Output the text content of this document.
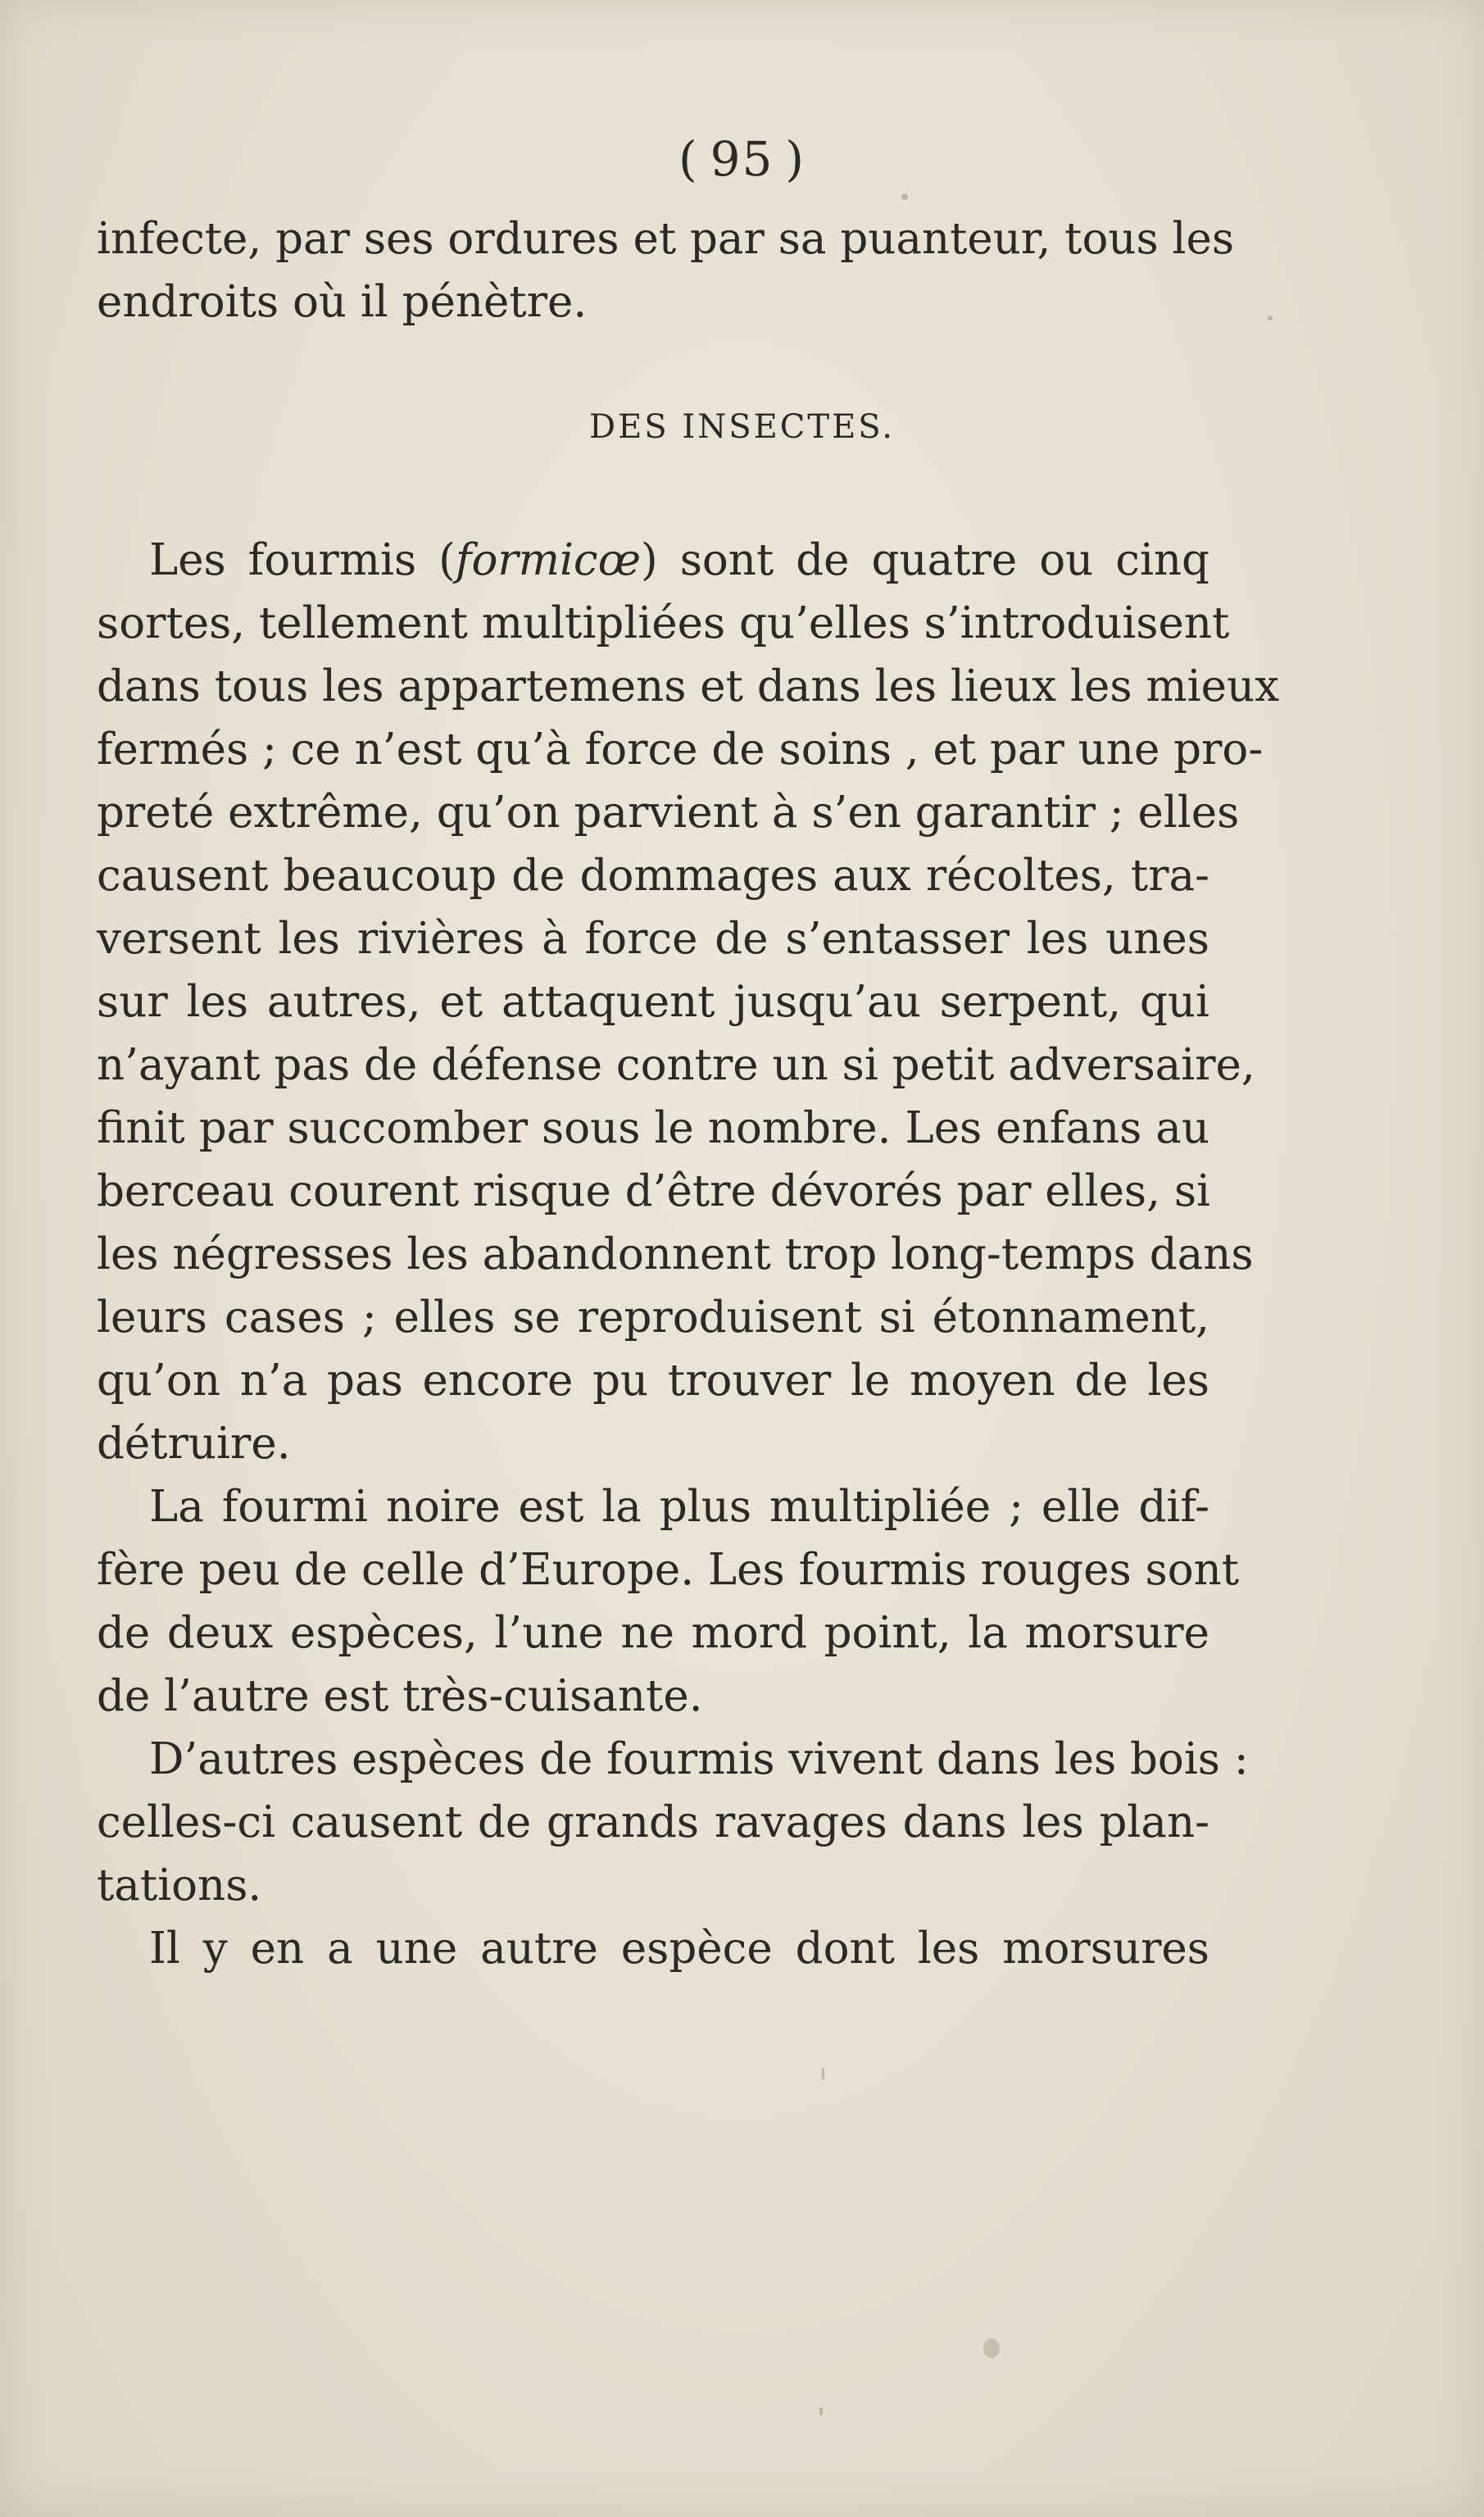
( 95 )
infecte, par ses ordures et par sa puanteur, tous les
endroits où il pénètre.
DES INSECTES.
Les fourmis (formicœ) sont de quatre ou cinq
sortes, tellement multipliées qu’elles s’introduisent
dans tous les appartemens et dans les lieux les mieux
fermés ; ce n’est qu’à force de soins , et par une pro-
preté extrême, qu’on parvient à s’en garantir ; elles
causent beaucoup de dommages aux récoltes, tra-
versent les rivières à force de s’entasser les unes
sur les autres, et attaquent jusqu’au serpent, qui
n’ayant pas de défense contre un si petit adversaire,
finit par succomber sous le nombre. Les enfans au
berceau courent risque d’être dévorés par elles, si
les négresses les abandonnent trop long-temps dans
leurs cases ; elles se reproduisent si étonnament,
qu’on n’a pas encore pu trouver le moyen de les
détruire.
La fourmi noire est la plus multipliée ; elle dif-
fère peu de celle d’Europe. Les fourmis rouges sont
de deux espèces, l’une ne mord point, la morsure
de l’autre est très-cuisante.
D’autres espèces de fourmis vivent dans les bois :
celles-ci causent de grands ravages dans les plan-
tations.
Il y en a une autre espèce dont les morsures
